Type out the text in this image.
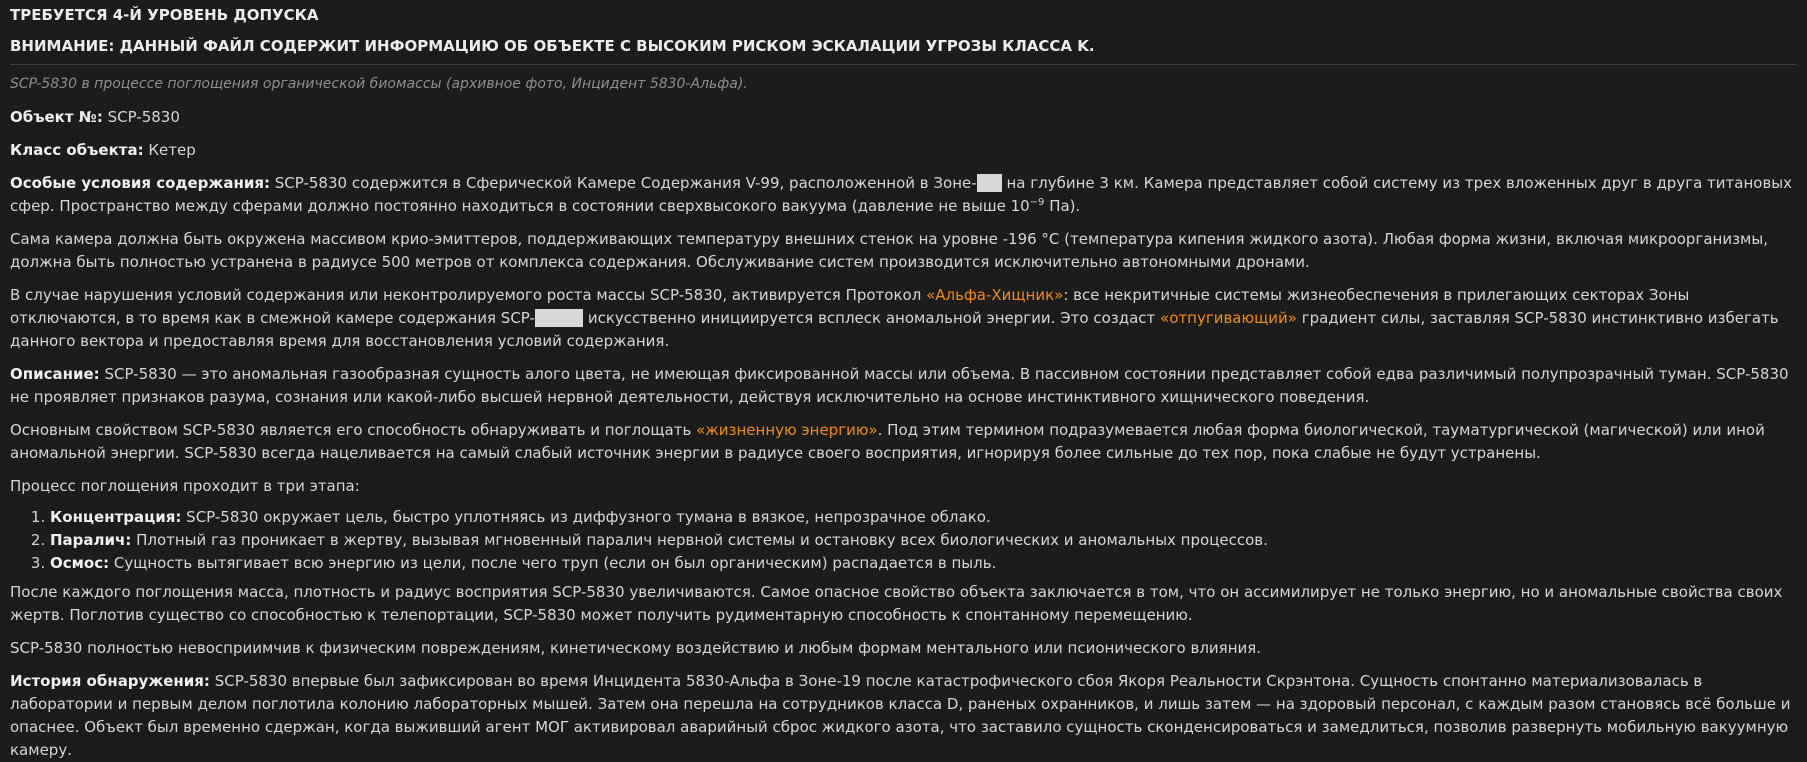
ТРЕБУЕТСЯ 4-Й УРОВЕНЬ ДОПУСКА
ВНИМАНИЕ: ДАННЫЙ ФАЙЛ СОДЕРЖИТ ИНФОРМАЦИЮ ОБ ОБЪЕКТЕ С ВЫСОКИМ РИСКОМ ЭСКАЛАЦИИ УГРОЗЫ КЛАССА K.
SCP-5830 в процессе поглощения органической биомассы (архивное фото, Инцидент 5830-Альфа).

Объект №: SCP-5830

Класс объекта: Кетер

Особые условия содержания: SCP-5830 содержится в Сферической Камере Содержания V-99, расположенной в Зоне-██ на глубине 3 км. Камера представляет собой систему из трех вложенных друг в друга титановых сфер. Пространство между сферами должно постоянно находиться в состоянии сверхвысокого вакуума (давление не выше $10^{-9}$ Па).

Сама камера должна быть окружена массивом крио-эмиттеров, поддерживающих температуру внешних стенок на уровне -196 °C (температура кипения жидкого азота). Любая форма жизни, включая микроорганизмы, должна быть полностью устранена в радиусе 500 метров от комплекса содержания. Обслуживание систем производится исключительно автономными дронами.

В случае нарушения условий содержания или неконтролируемого роста массы SCP-5830, активируется Протокол «Альфа-Хищник»: все некритичные системы жизнеобеспечения в прилегающих секторах Зоны отключаются, в то время как в смежной камере содержания SCP-████ искусственно инициируется всплеск аномальной энергии. Это создаст «отпугивающий» градиент силы, заставляя SCP-5830 инстинктивно избегать данного вектора и предоставляя время для восстановления условий содержания.

Описание: SCP-5830 — это аномальная газообразная сущность алого цвета, не имеющая фиксированной массы или объема. В пассивном состоянии представляет собой едва различимый полупрозрачный туман. SCP-5830 не проявляет признаков разума, сознания или какой-либо высшей нервной деятельности, действуя исключительно на основе инстинктивного хищнического поведения.

Основным свойством SCP-5830 является его способность обнаруживать и поглощать «жизненную энергию». Под этим термином подразумевается любая форма биологической, тауматургической (магической) или иной аномальной энергии. SCP-5830 всегда нацеливается на самый слабый источник энергии в радиусе своего восприятия, игнорируя более сильные до тех пор, пока слабые не будут устранены.

Процесс поглощения проходит в три этапа:

1. Концентрация: SCP-5830 окружает цель, быстро уплотняясь из диффузного тумана в вязкое, непрозрачное облако.
2. Паралич: Плотный газ проникает в жертву, вызывая мгновенный паралич нервной системы и остановку всех биологических и аномальных процессов.
3. Осмос: Сущность вытягивает всю энергию из цели, после чего труп (если он был органическим) распадается в пыль.

После каждого поглощения масса, плотность и радиус восприятия SCP-5830 увеличиваются. Самое опасное свойство объекта заключается в том, что он ассимилирует не только энергию, но и аномальные свойства своих жертв. Поглотив существо со способностью к телепортации, SCP-5830 может получить рудиментарную способность к спонтанному перемещению.

SCP-5830 полностью невосприимчив к физическим повреждениям, кинетическому воздействию и любым формам ментального или псионического влияния.

История обнаружения: SCP-5830 впервые был зафиксирован во время Инцидента 5830-Альфа в Зоне-19 после катастрофического сбоя Якоря Реальности Скрэнтона. Сущность спонтанно материализовалась в лаборатории и первым делом поглотила колонию лабораторных мышей. Затем она перешла на сотрудников класса D, раненых охранников, и лишь затем — на здоровый персонал, с каждым разом становясь всё больше и опаснее. Объект был временно сдержан, когда выживший агент МОГ активировал аварийный сброс жидкого азота, что заставило сущность сконденсироваться и замедлиться, позволив развернуть мобильную вакуумную камеру.
